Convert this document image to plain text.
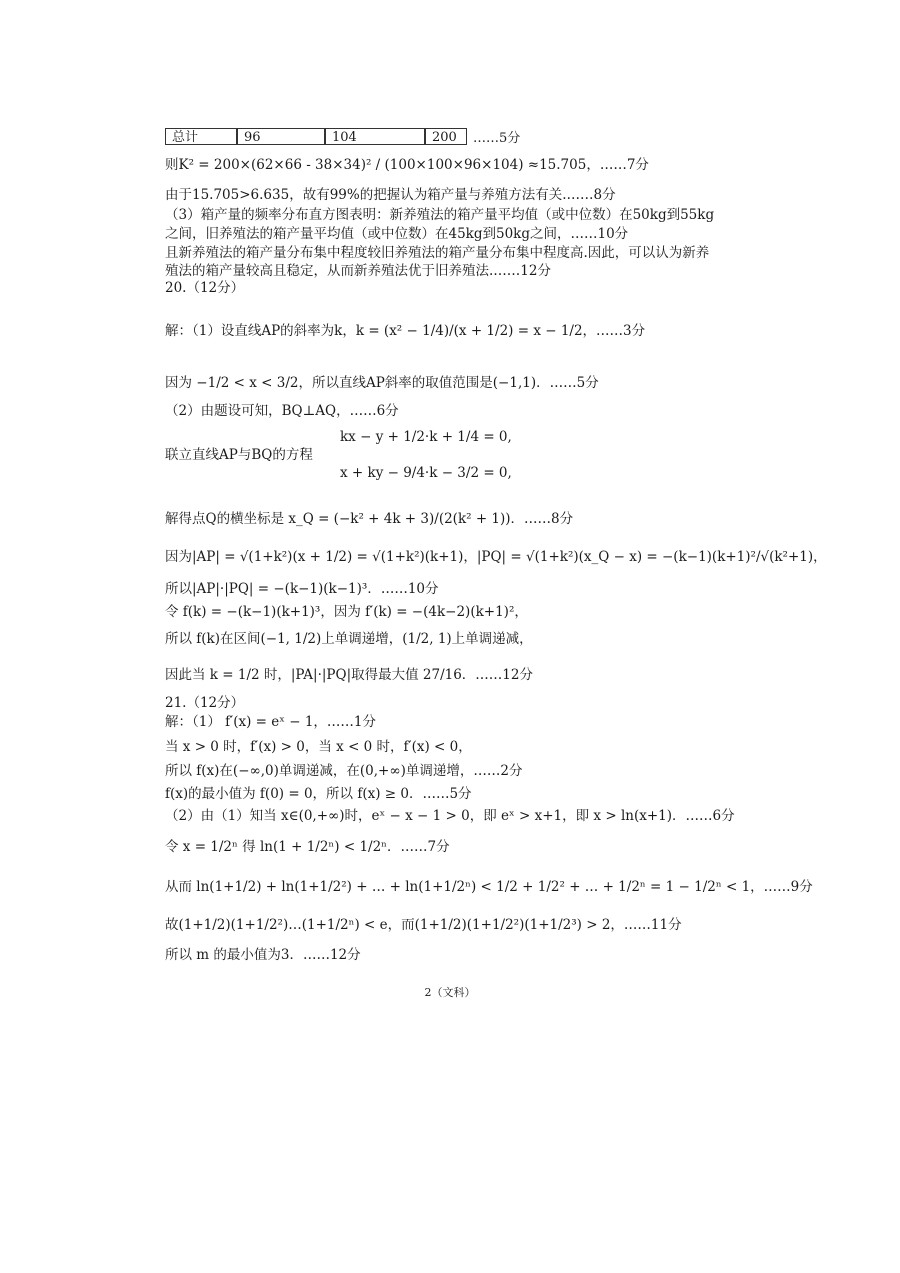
总计	96	104	200	……5分
则K² = 200×(62×66 - 38×34)² / (100×100×96×104) ≈15.705，……7分
由于15.705>6.635，故有99%的把握认为箱产量与养殖方法有关.……8分
（3）箱产量的频率分布直方图表明：新养殖法的箱产量平均值（或中位数）在50kg到55kg
之间，旧养殖法的箱产量平均值（或中位数）在45kg到50kg之间，……10分
且新养殖法的箱产量分布集中程度较旧养殖法的箱产量分布集中程度高.因此，可以认为新养
殖法的箱产量较高且稳定，从而新养殖法优于旧养殖法.……12分
20.（12分）
解：（1）设直线AP的斜率为k，k = (x² − 1/4)/(x + 1/2) = x − 1/2，……3分
因为 −1/2 < x < 3/2，所以直线AP斜率的取值范围是(−1,1)．……5分
（2）由题设可知，BQ⊥AQ，……6分
kx − y + 1/2·k + 1/4 = 0,
联立直线AP与BQ的方程
x + ky − 9/4·k − 3/2 = 0,
解得点Q的横坐标是 x_Q = (−k² + 4k + 3)/(2(k² + 1))．……8分
因为|AP| = √(1+k²)(x + 1/2) = √(1+k²)(k+1)，|PQ| = √(1+k²)(x_Q − x) = −(k−1)(k+1)²/√(k²+1)，
所以|AP|·|PQ| = −(k−1)(k−1)³．……10分
令 f(k) = −(k−1)(k+1)³，因为 f′(k) = −(4k−2)(k+1)²，
所以 f(k)在区间(−1, 1/2)上单调递增，(1/2, 1)上单调递减，
因此当 k = 1/2 时，|PA|·|PQ|取得最大值 27/16．……12分
21.（12分）
解：（1） f′(x) = eˣ − 1，……1分
当 x > 0 时，f′(x) > 0，当 x < 0 时，f′(x) < 0，
所以 f(x)在(−∞,0)单调递减，在(0,+∞)单调递增，……2分
f(x)的最小值为 f(0) = 0，所以 f(x) ≥ 0．……5分
（2）由（1）知当 x∈(0,+∞)时，eˣ − x − 1 > 0，即 eˣ > x+1，即 x > ln(x+1)．……6分
令 x = 1/2ⁿ 得 ln(1 + 1/2ⁿ) < 1/2ⁿ．……7分
从而 ln(1+1/2) + ln(1+1/2²) + … + ln(1+1/2ⁿ) < 1/2 + 1/2² + … + 1/2ⁿ = 1 − 1/2ⁿ < 1，……9分
故(1+1/2)(1+1/2²)…(1+1/2ⁿ) < e，而(1+1/2)(1+1/2²)(1+1/2³) > 2，……11分
所以 m 的最小值为3．……12分
2（文科）
